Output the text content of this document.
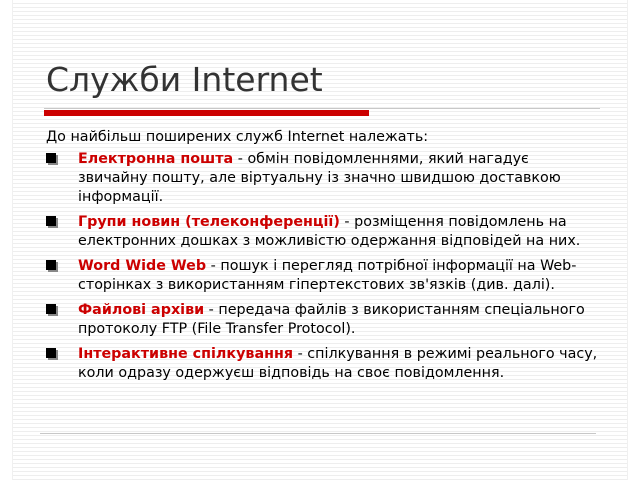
Служби Internet
До найбільш поширених служб Internet належать:
Електронна пошта - обмін повідомленнями, який нагадує звичайну пошту, але віртуальну із значно швидшою доставкою інформації.
Групи новин (телеконференції) - розміщення повідомлень на електронних дошках з можливістю одержання відповідей на них.
Word Wide Web - пошук і перегляд потрібної інформації на Web-сторінках з використанням гіпертекстових зв'язків (див. далі).
Файлові архіви - передача файлів з використанням спеціального протоколу FTP (File Transfer Protocol).
Інтерактивне спілкування - спілкування в режимі реального часу, коли одразу одержуєш відповідь на своє повідомлення.
